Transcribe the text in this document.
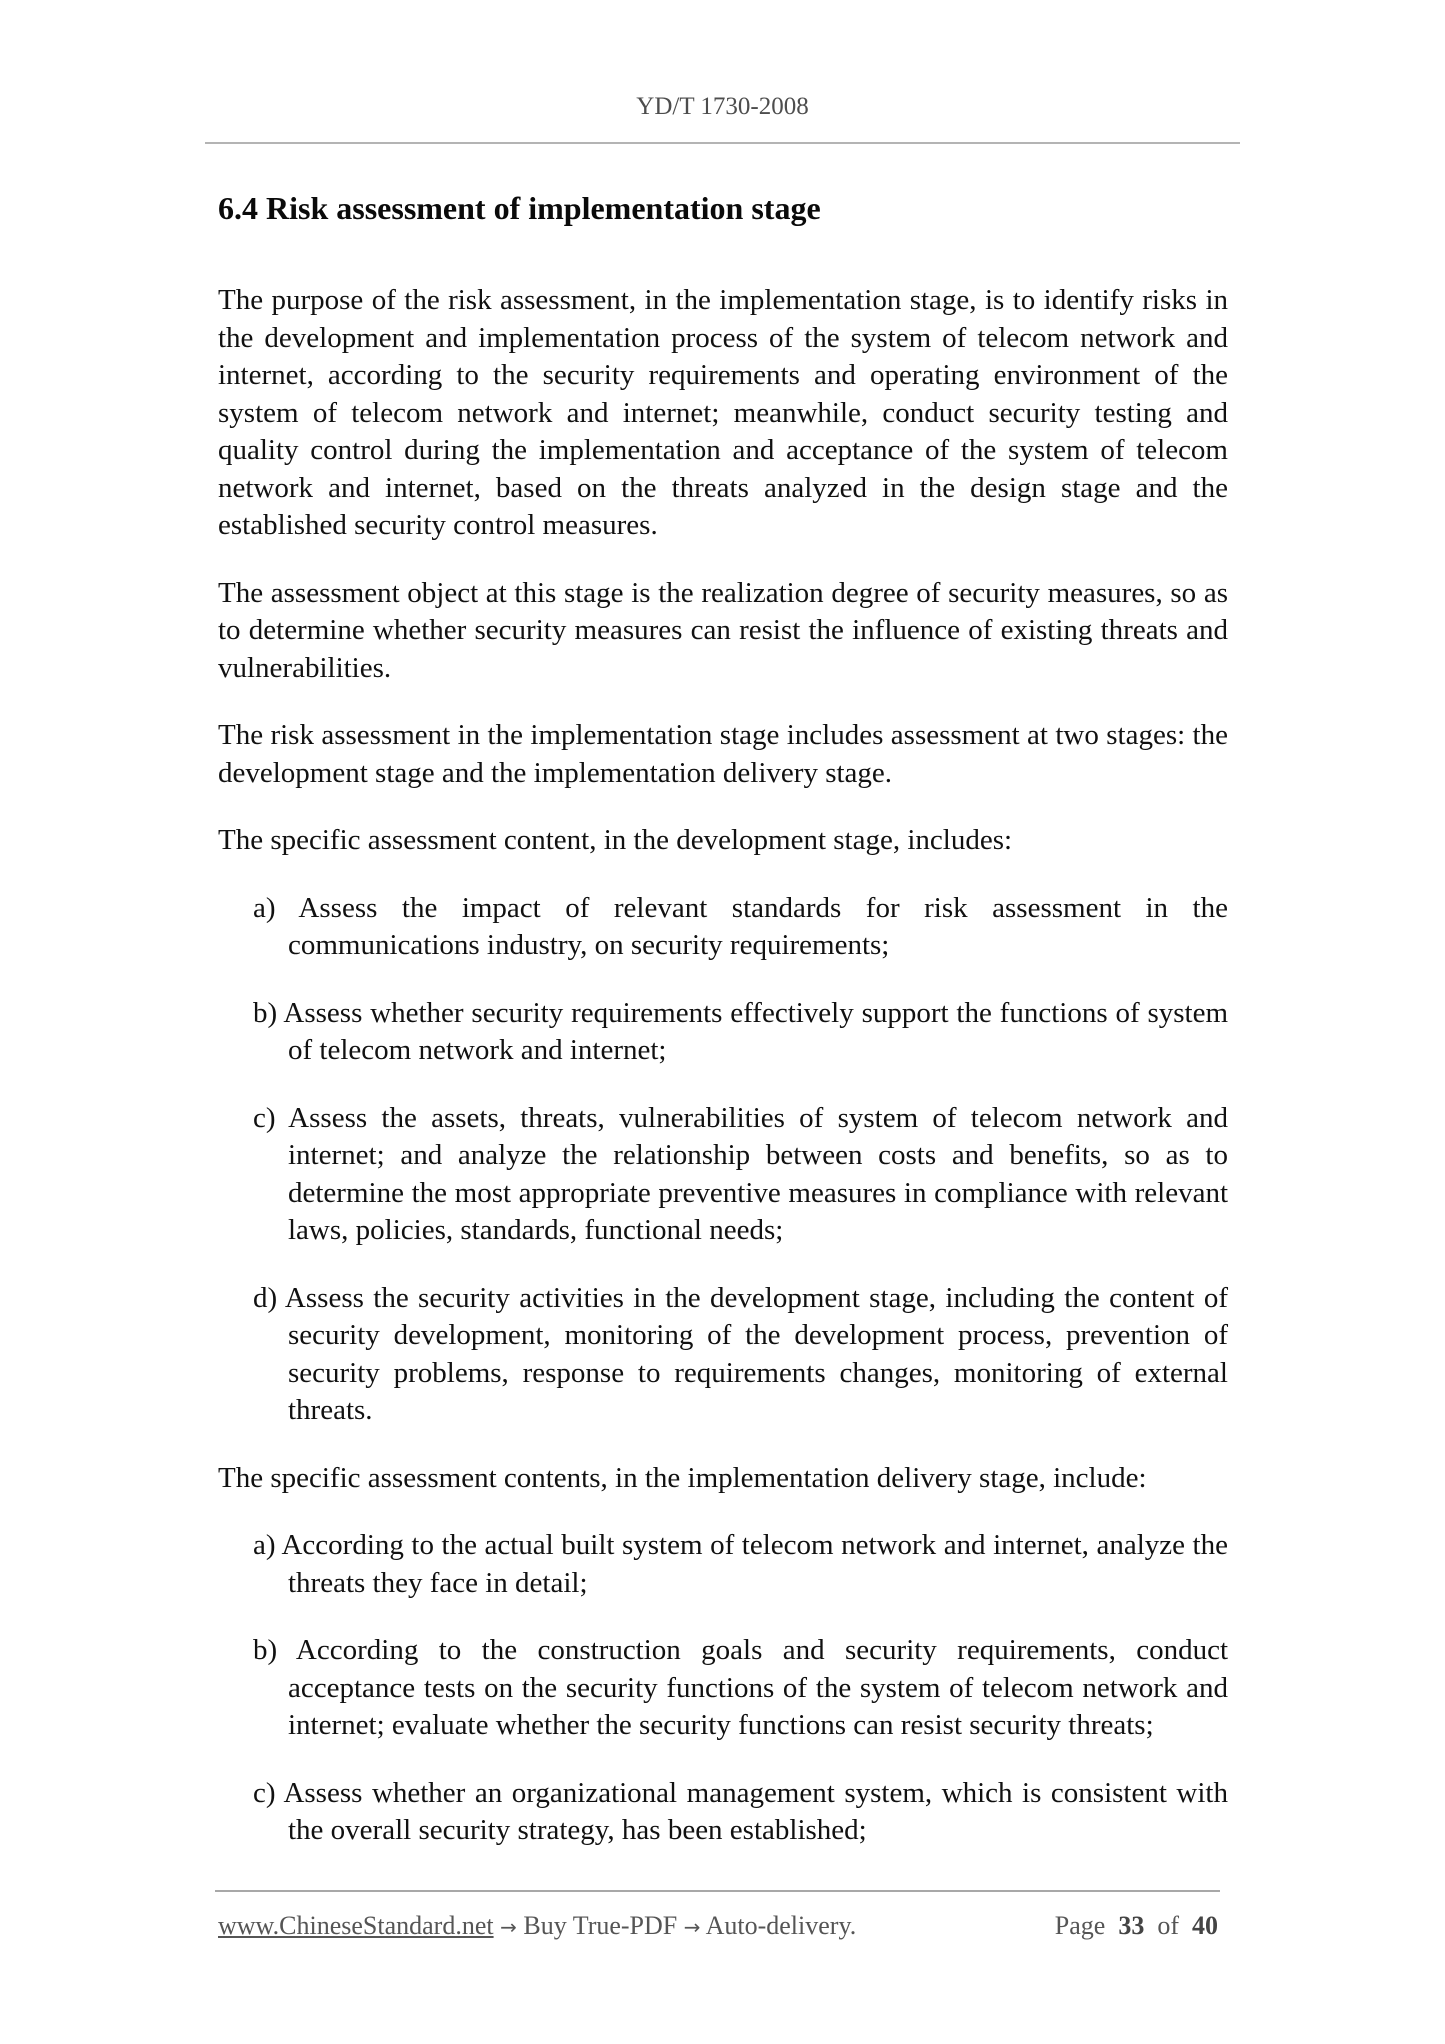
YD/T 1730-2008
6.4 Risk assessment of implementation stage

The purpose of the risk assessment, in the implementation stage, is to identify risks in the development and implementation process of the system of telecom network and internet, according to the security requirements and operating environment of the system of telecom network and internet; meanwhile, conduct security testing and quality control during the implementation and acceptance of the system of telecom network and internet, based on the threats analyzed in the design stage and the established security control measures.

The assessment object at this stage is the realization degree of security measures, so as to determine whether security measures can resist the influence of existing threats and vulnerabilities.

The risk assessment in the implementation stage includes assessment at two stages: the development stage and the implementation delivery stage.

The specific assessment content, in the development stage, includes:

a) Assess the impact of relevant standards for risk assessment in the communications industry, on security requirements;

b) Assess whether security requirements effectively support the functions of system of telecom network and internet;

c) Assess the assets, threats, vulnerabilities of system of telecom network and internet; and analyze the relationship between costs and benefits, so as to determine the most appropriate preventive measures in compliance with relevant laws, policies, standards, functional needs;

d) Assess the security activities in the development stage, including the content of security development, monitoring of the development process, prevention of security problems, response to requirements changes, monitoring of external threats.

The specific assessment contents, in the implementation delivery stage, include:

a) According to the actual built system of telecom network and internet, analyze the threats they face in detail;

b) According to the construction goals and security requirements, conduct acceptance tests on the security functions of the system of telecom network and internet; evaluate whether the security functions can resist security threats;

c) Assess whether an organizational management system, which is consistent with the overall security strategy, has been established;

www.ChineseStandard.net → Buy True-PDF → Auto-delivery.	Page 33 of 40
